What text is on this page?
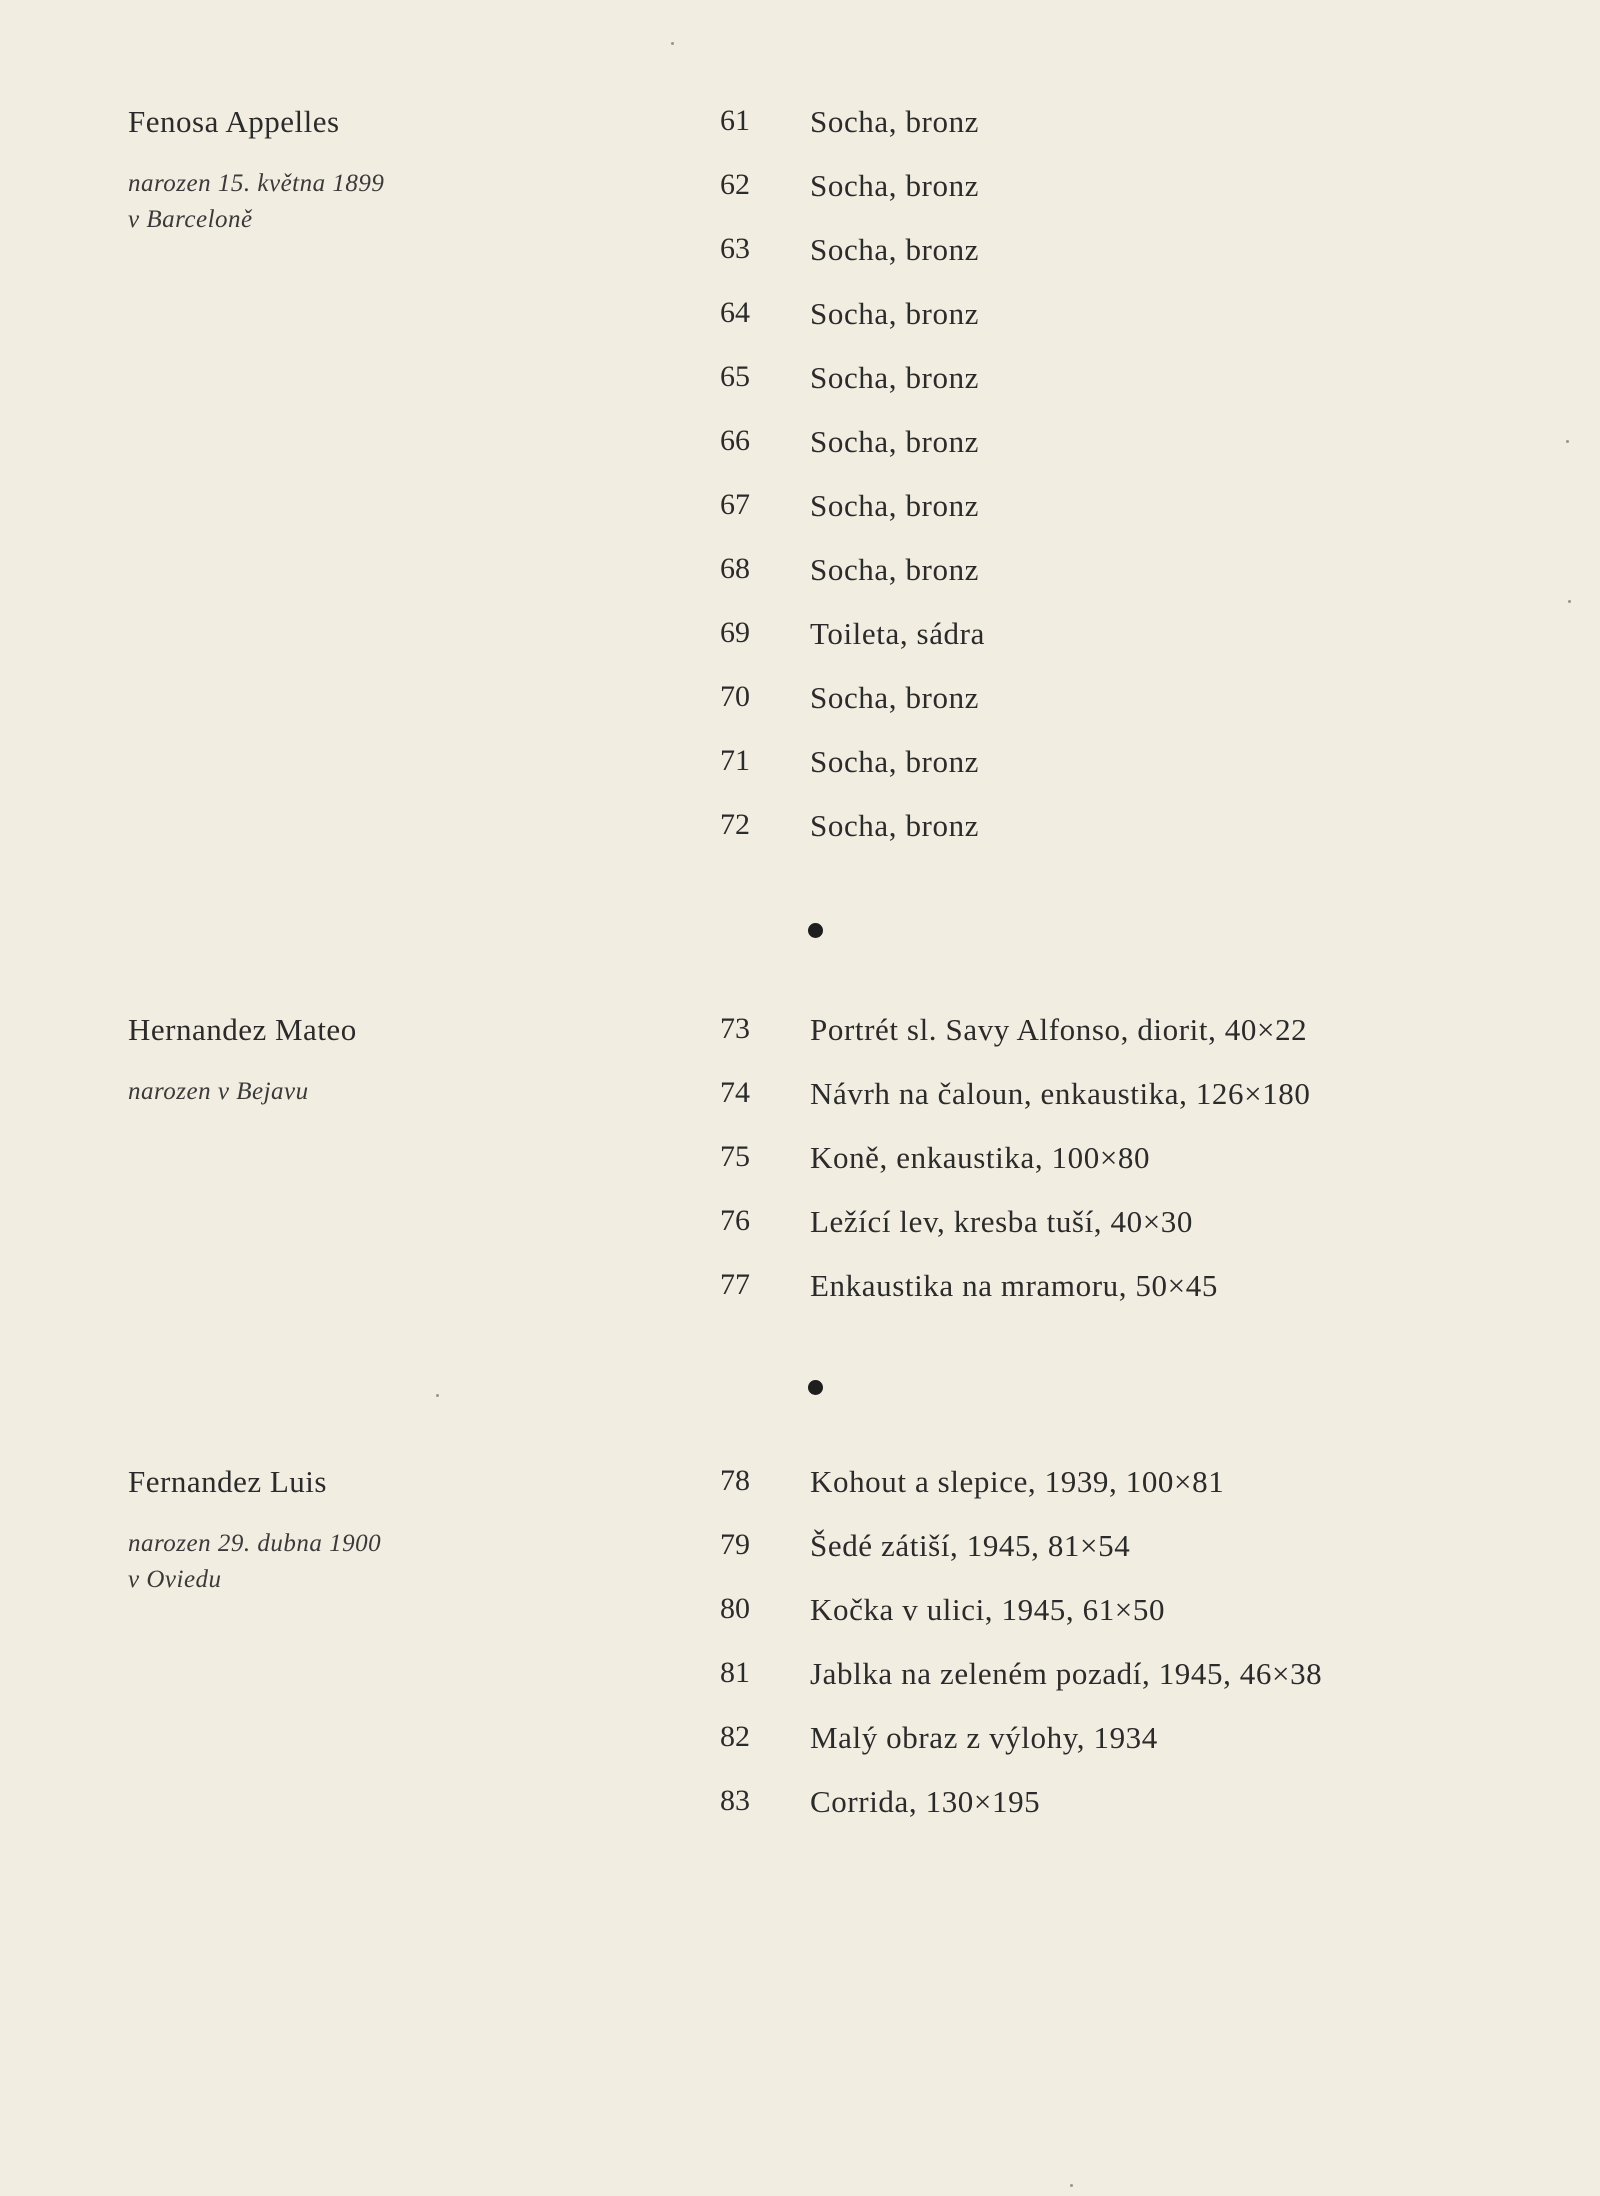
Fenosa Appelles
narozen 15. května 1899
v Barceloně
61 Socha, bronz
62 Socha, bronz
63 Socha, bronz
64 Socha, bronz
65 Socha, bronz
66 Socha, bronz
67 Socha, bronz
68 Socha, bronz
69 Toileta, sádra
70 Socha, bronz
71 Socha, bronz
72 Socha, bronz
Hernandez Mateo
narozen v Bejavu
73 Portrét sl. Savy Alfonso, diorit, 40×22
74 Návrh na čaloun, enkaustika, 126×180
75 Koně, enkaustika, 100×80
76 Ležící lev, kresba tuší, 40×30
77 Enkaustika na mramoru, 50×45
Fernandez Luis
narozen 29. dubna 1900
v Oviedu
78 Kohout a slepice, 1939, 100×81
79 Šedé zátiší, 1945, 81×54
80 Kočka v ulici, 1945, 61×50
81 Jablka na zeleném pozadí, 1945, 46×38
82 Malý obraz z výlohy, 1934
83 Corrida, 130×195
